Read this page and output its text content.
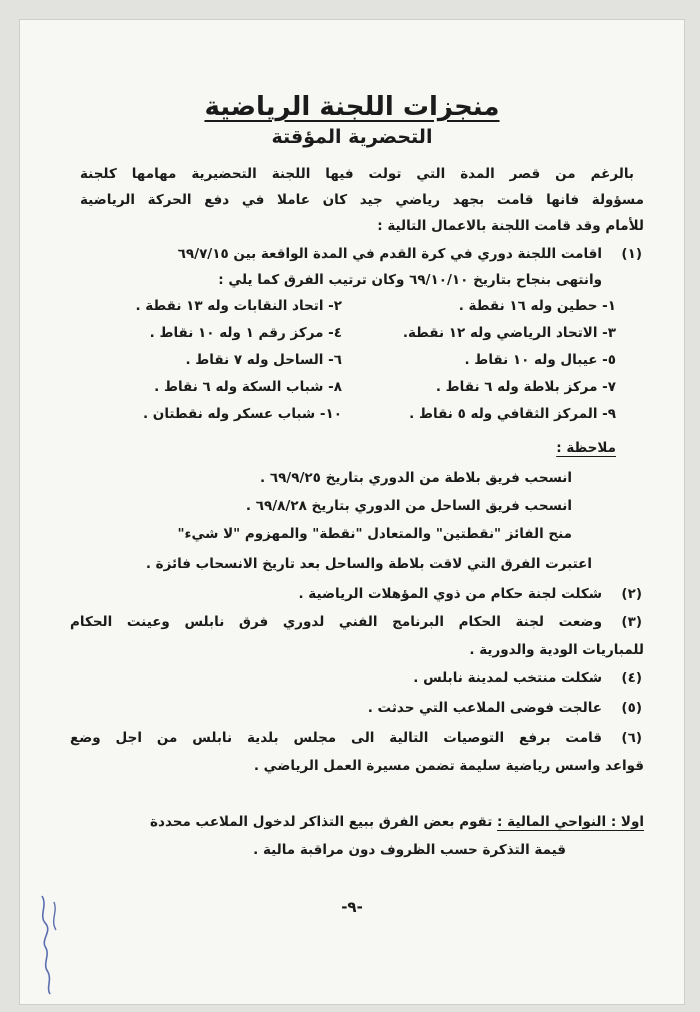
منجزات اللجنة الرياضية
التحضرية المؤقتة
بالرغم من قصر المدة التي تولت فيها اللجنة التحضيرية مهامها كلجنة
مسؤولة فانها قامت بجهد رياضي جيد كان عاملا في دفع الحركة الرياضية
للأمام وقد قامت اللجنة بالاعمال التالية :
(١)
اقامت اللجنة دوري في كرة القدم في المدة الواقعة بين ٦٩/٧/١٥
وانتهى بنجاح بتاريخ ٦٩/١٠/١٠ وكان ترتيب الفرق كما يلي :
١- حطين وله ١٦ نقطة .
٢- اتحاد النقابات وله ١٣ نقطة .
٣- الاتحاد الرياضي وله ١٢ نقطة.
٤- مركز رقم ١ وله ١٠ نقاط .
٥- عيبال وله ١٠ نقاط .
٦- الساحل وله ٧ نقاط .
٧- مركز بلاطة وله ٦ نقاط .
٨- شباب السكة وله ٦ نقاط .
٩- المركز الثقافي وله ٥ نقاط .
١٠- شباب عسكر وله نقطتان .
ملاحظة :
انسحب فريق بلاطة من الدوري بتاريخ ٦٩/٩/٢٥ .
انسحب فريق الساحل من الدوري بتاريخ ٦٩/٨/٢٨ .
منح الفائز "نقطتين" والمتعادل "نقطة" والمهزوم "لا شيء"
اعتبرت الفرق التي لاقت بلاطة والساحل بعد تاريخ الانسحاب فائزة .
(٢)
شكلت لجنة حكام من ذوي المؤهلات الرياضية .
(٣)
وضعت لجنة الحكام البرنامج الفني لدوري فرق نابلس وعينت الحكام
للمباريات الودية والدورية .
(٤)
شكلت منتخب لمدينة نابلس .
(٥)
عالجت فوضى الملاعب التي حدثت .
(٦)
قامت برفع التوصيات التالية الى مجلس بلدية نابلس من اجل وضع
قواعد واسس رياضية سليمة تضمن مسيرة العمل الرياضي .
اولا : النواحي المالية : تقوم بعض الفرق ببيع التذاكر لدخول الملاعب محددة
قيمة التذكرة حسب الظروف دون مراقبة مالية .
-٩-
